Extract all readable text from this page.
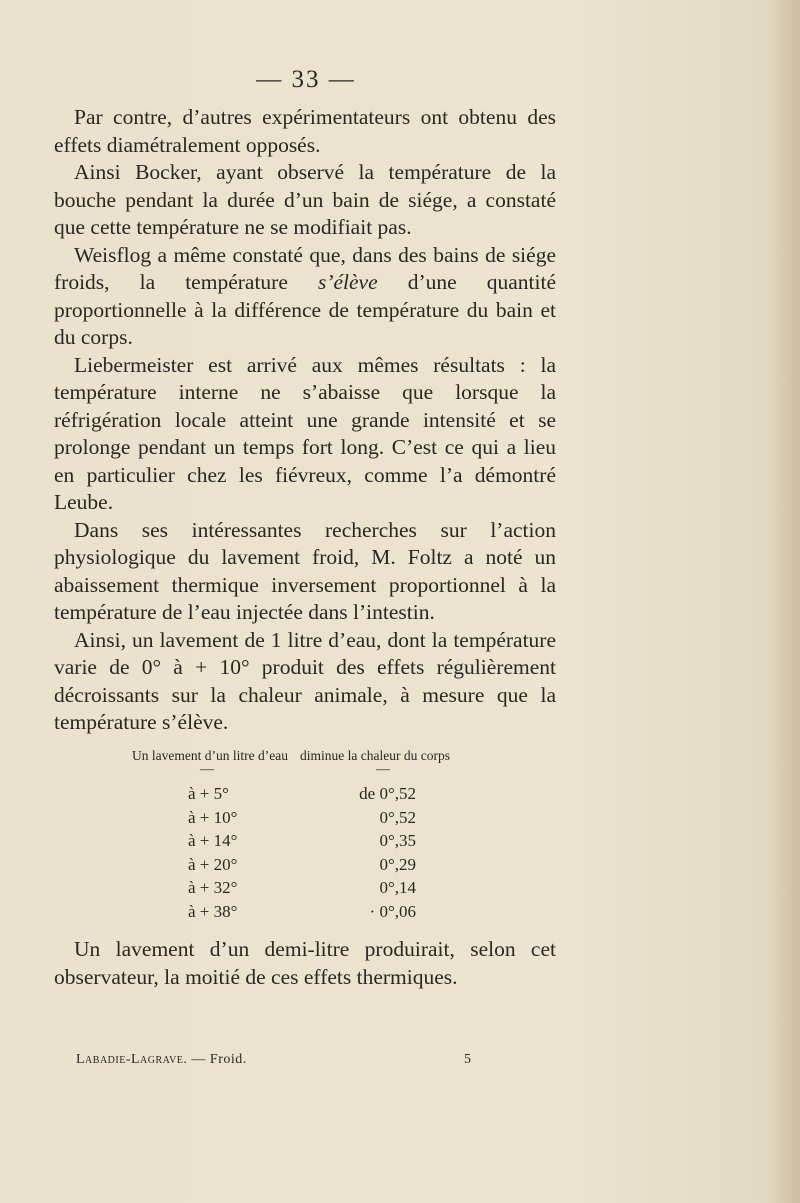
— 33 —

Par contre, d’autres expérimentateurs ont obtenu des effets diamétralement opposés.

Ainsi Bocker, ayant observé la température de la bouche pendant la durée d’un bain de siége, a constaté que cette température ne se modifiait pas.

Weisflog a même constaté que, dans des bains de siége froids, la température s’élève d’une quantité proportionnelle à la différence de température du bain et du corps.

Liebermeister est arrivé aux mêmes résultats : la température interne ne s’abaisse que lorsque la réfrigération locale atteint une grande intensité et se prolonge pendant un temps fort long. C’est ce qui a lieu en particulier chez les fiévreux, comme l’a démontré Leube.

Dans ses intéressantes recherches sur l’action physiologique du lavement froid, M. Foltz a noté un abaissement thermique inversement proportionnel à la température de l’eau injectée dans l’intestin.

Ainsi, un lavement de 1 litre d’eau, dont la température varie de 0° à + 10° produit des effets régulièrement décroissants sur la chaleur animale, à mesure que la température s’élève.

Un lavement d’un litre d’eau diminue la chaleur du corps
—	—
à + 5°	de 0°,52
à + 10°	0°,52
à + 14°	0°,35
à + 20°	0°,29
à + 32°	0°,14
à + 38°	· 0°,06

Un lavement d’un demi-litre produirait, selon cet observateur, la moitié de ces effets thermiques.

Labadie-Lagrave. — Froid.	5
